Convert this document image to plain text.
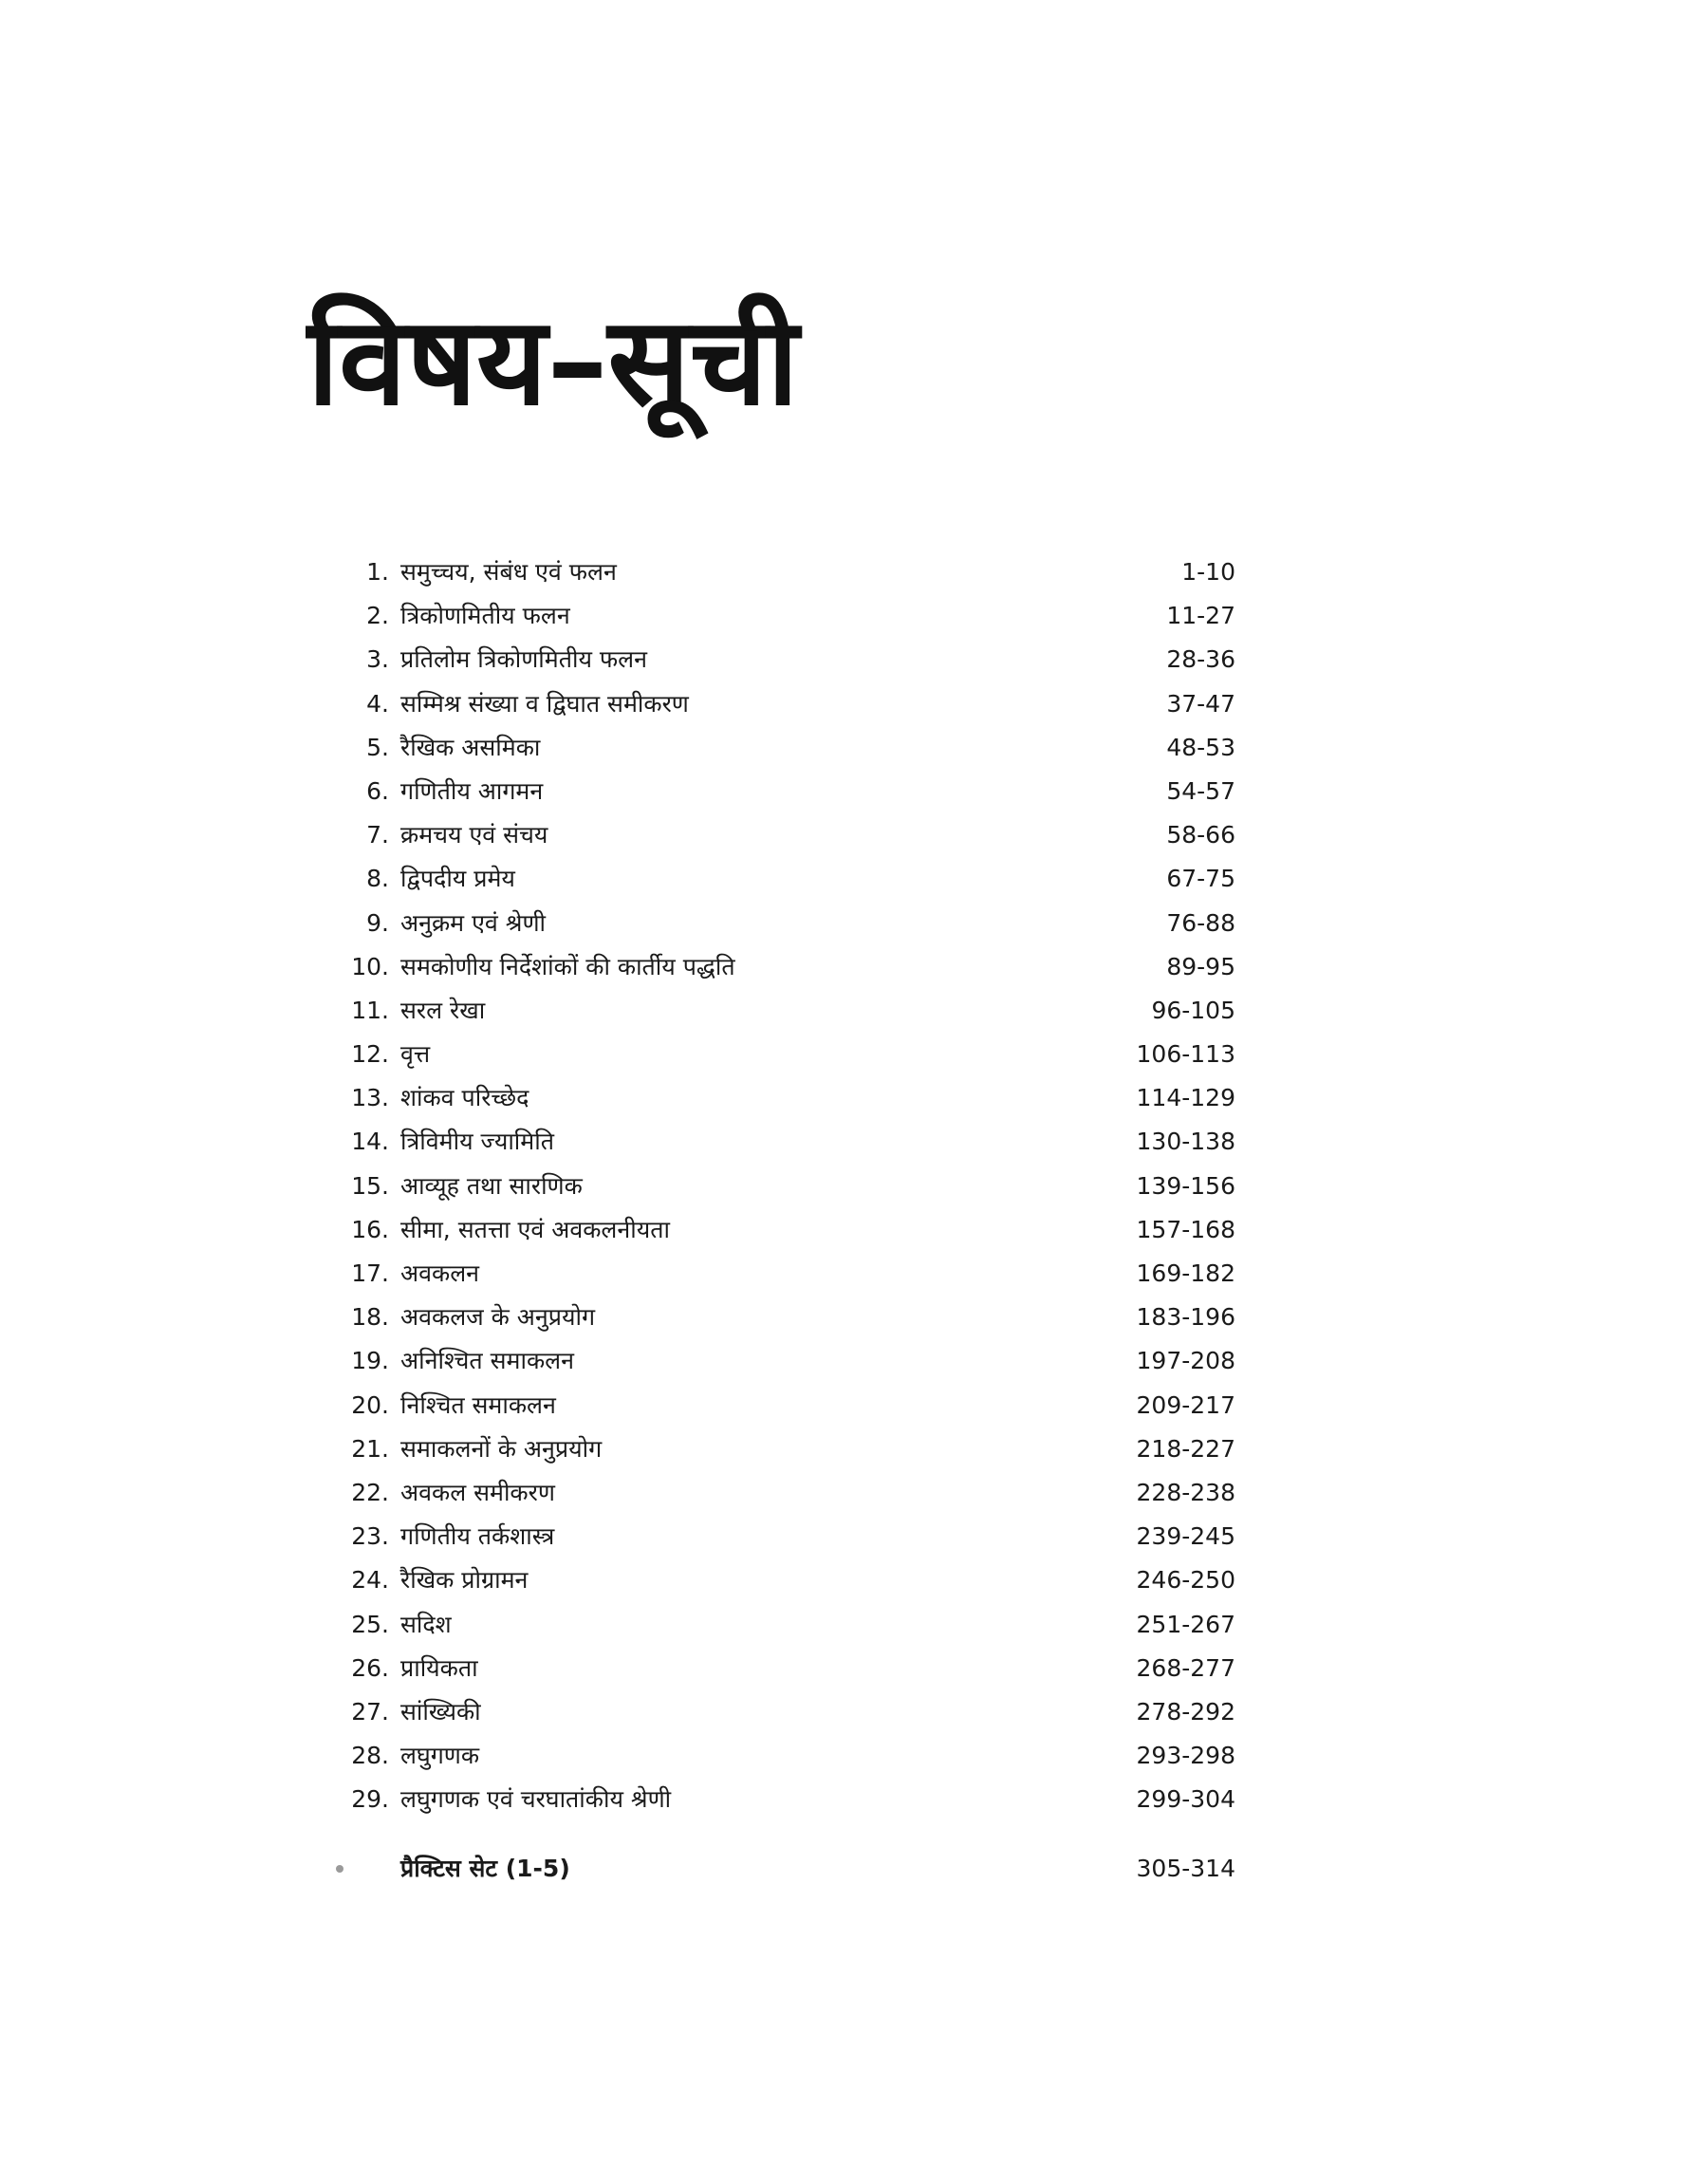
विषय–सूची
1. समुच्चय, संबंध एवं फलन	1-10
2. त्रिकोणमितीय फलन	11-27
3. प्रतिलोम त्रिकोणमितीय फलन	28-36
4. सम्मिश्र संख्या व द्विघात समीकरण	37-47
5. रैखिक असमिका	48-53
6. गणितीय आगमन	54-57
7. क्रमचय एवं संचय	58-66
8. द्विपदीय प्रमेय	67-75
9. अनुक्रम एवं श्रेणी	76-88
10. समकोणीय निर्देशांकों की कार्तीय पद्धति	89-95
11. सरल रेखा	96-105
12. वृत्त	106-113
13. शांकव परिच्छेद	114-129
14. त्रिविमीय ज्यामिति	130-138
15. आव्यूह तथा सारणिक	139-156
16. सीमा, सतत्ता एवं अवकलनीयता	157-168
17. अवकलन	169-182
18. अवकलज के अनुप्रयोग	183-196
19. अनिश्चित समाकलन	197-208
20. निश्चित समाकलन	209-217
21. समाकलनों के अनुप्रयोग	218-227
22. अवकल समीकरण	228-238
23. गणितीय तर्कशास्त्र	239-245
24. रैखिक प्रोग्रामन	246-250
25. सदिश	251-267
26. प्रायिकता	268-277
27. सांख्यिकी	278-292
28. लघुगणक	293-298
29. लघुगणक एवं चरघातांकीय श्रेणी	299-304
प्रैक्टिस सेट (1-5)	305-314
